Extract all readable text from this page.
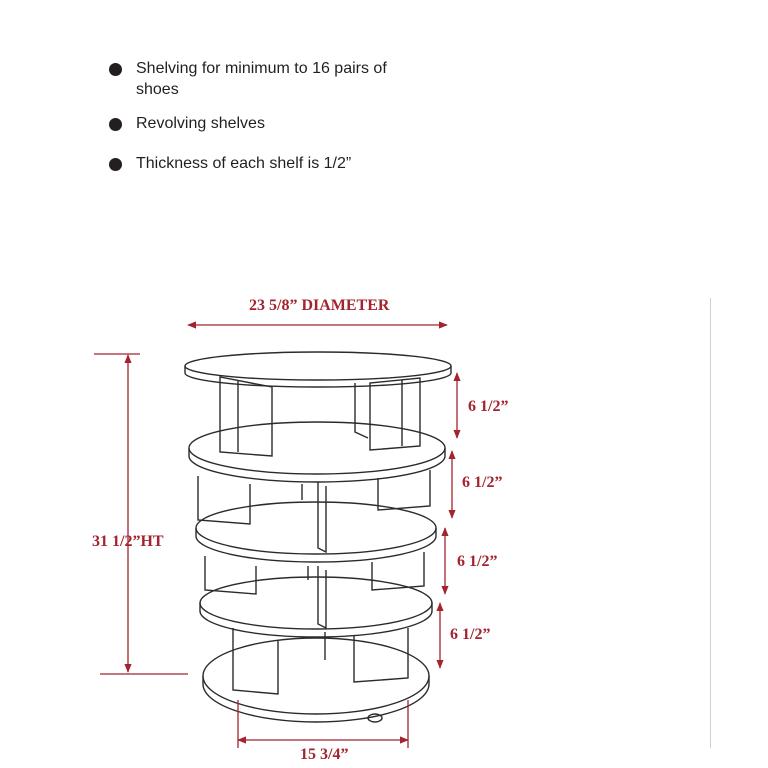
Shelving for minimum to 16 pairs of shoes
Revolving shelves
Thickness of each shelf is 1/2”
23 5/8” DIAMETER
31 1/2”HT
6 1/2”
6 1/2”
6 1/2”
6 1/2”
15 3/4”
